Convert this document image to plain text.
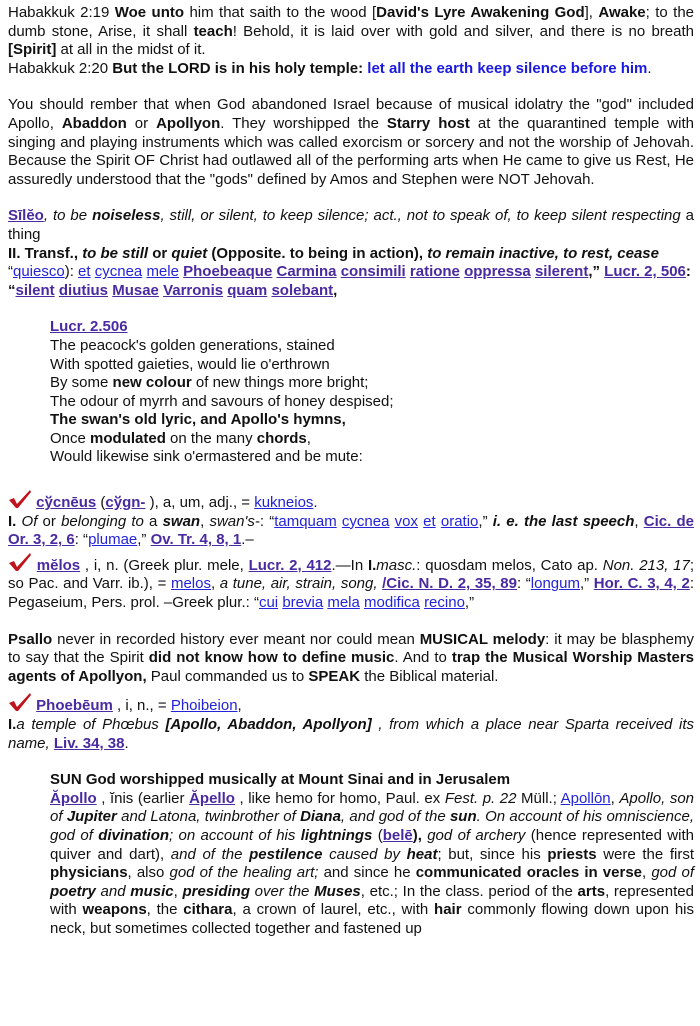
Habakkuk 2:19 Woe unto him that saith to the wood [David's Lyre Awakening God], Awake; to the dumb stone, Arise, it shall teach! Behold, it is laid over with gold and silver, and there is no breath [Spirit] at all in the midst of it.

Habakkuk 2:20 But the LORD is in his holy temple: let all the earth keep silence before him.

You should rember that when God abandoned Israel because of musical idolatry the "god" included Apollo, Abaddon or Apollyon. They worshipped the Starry host at the quarantined temple with singing and playing instruments which was called exorcism or sorcery and not the worship of Jehovah. Because the Spirit OF Christ had outlawed all of the performing arts when He came to give us Rest, He assuredly understood that the "gods" defined by Amos and Stephen were NOT Jehovah.

Sīlĕo, to be noiseless, still, or silent, to keep silence; act., not to speak of, to keep silent respecting a thing

II. Transf., to be still or quiet (Opposite. to being in action), to remain inactive, to rest, cease

“quiesco): et cycnea mele Phoebeaque Carmina consimili ratione oppressa silerent,” Lucr. 2, 506: “silent diutius Musae Varronis quam solebant,

Lucr. 2.506

The peacock's golden generations, stained

With spotted gaieties, would lie o'erthrown

By some new colour of new things more bright;

The odour of myrrh and savours of honey despised;

The swan's old lyric, and Apollo's hymns,

Once modulated on the many chords,

Would likewise sink o'ermastered and be mute:

cўcnēus (cўgn- ), a, um, adj., = kukneios.

I. Of or belonging to a swan, swan's-: “tamquam cycnea vox et oratio,” i. e. the last speech, Cic. de Or. 3, 2, 6: “plumae,” Ov. Tr. 4, 8, 1.–

mĕlos , i, n. (Greek plur. mele, Lucr. 2, 412.—In I.masc.: quosdam melos, Cato ap. Non. 213, 17; so Pac. and Varr. ib.), = melos, a tune, air, strain, song, /Cic. N. D. 2, 35, 89: “longum,” Hor. C. 3, 4, 2: Pegaseium, Pers. prol. –Greek plur.: “cui brevia mela modifica recino,”

Psallo never in recorded history ever meant nor could mean MUSICAL melody: it may be blasphemy to say that the Spirit did not know how to define music. And to trap the Musical Worship Masters agents of Apollyon, Paul commanded us to SPEAK the Biblical material.

Phoebēum , i, n., = Phoibeion,

I.a temple of Phœbus [Apollo, Abaddon, Apollyon] , from which a place near Sparta received its name, Liv. 34, 38.

SUN God worshipped musically at Mount Sinai and in Jerusalem

Ăpollo , ĭnis (earlier Ăpello , like hemo for homo, Paul. ex Fest. p. 22 Müll.; Apollōn, Apollo, son of Jupiter and Latona, twinbrother of Diana, and god of the sun. On account of his omniscience, god of divination; on account of his lightnings (belē), god of archery (hence represented with quiver and dart), and of the pestilence caused by heat; but, since his priests were the first physicians, also god of the healing art; and since he communicated oracles in verse, god of poetry and music, presiding over the Muses, etc.; In the class. period of the arts, represented with weapons, the cithara, a crown of laurel, etc., with hair commonly flowing down upon his neck, but sometimes collected together and fastened up
